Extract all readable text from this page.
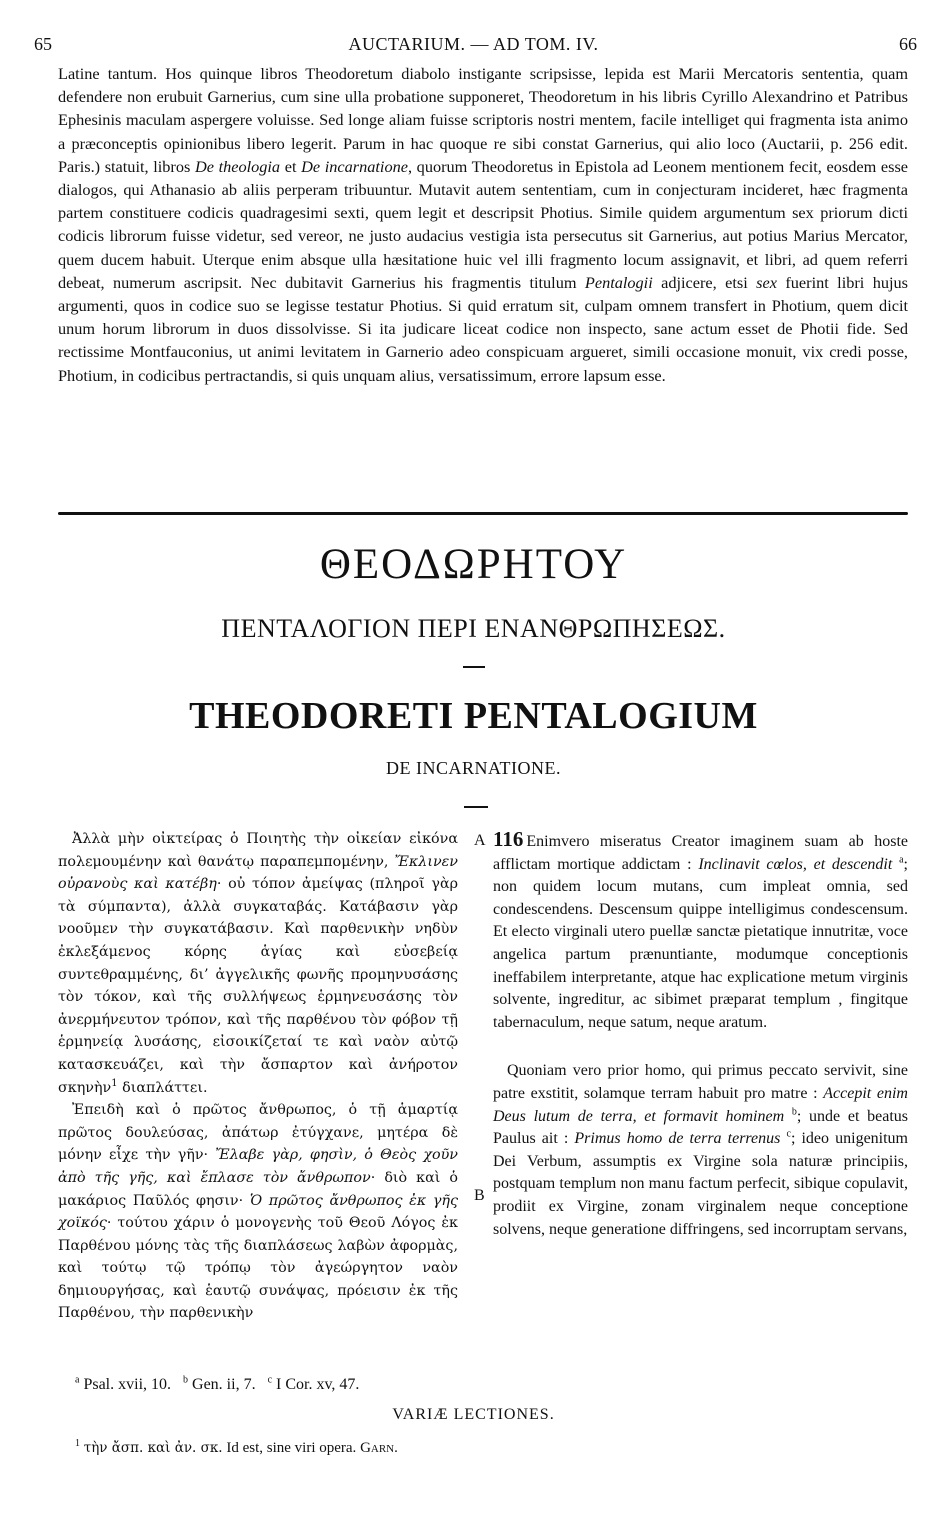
65	AUCTARIUM. — AD TOM. IV.	66

Latine tantum. Hos quinque libros Theodoretum diabolo instigante scripsisse, lepida est Marii Mercatoris sententia, quam defendere non erubuit Garnerius, cum sine ulla probatione supponeret, Theodoretum in his libris Cyrillo Alexandrino et Patribus Ephesinis maculam aspergere voluisse. Sed longe aliam fuisse scriptoris nostri mentem, facile intelliget qui fragmenta ista animo a præconceptis opinionibus libero legerit. Parum in hac quoque re sibi constat Garnerius, qui alio loco (Auctarii, p. 256 edit. Paris.) statuit, libros De theologia et De incarnatione, quorum Theodoretus in Epistola ad Leonem mentionem fecit, eosdem esse dialogos, qui Athanasio ab aliis perperam tribuuntur. Mutavit autem sententiam, cum in conjecturam incideret, hæc fragmenta partem constituere codicis quadragesimi sexti, quem legit et descripsit Photius. Simile quidem argumentum sex priorum dicti codicis librorum fuisse videtur, sed vereor, ne justo audacius vestigia ista persecutus sit Garnerius, aut potius Marius Mercator, quem ducem habuit. Uterque enim absque ulla hæsitatione huic vel illi fragmento locum assignavit, et libri, ad quem referri debeat, numerum ascripsit. Nec dubitavit Garnerius his fragmentis titulum Pentalogii adjicere, etsi sex fuerint libri hujus argumenti, quos in codice suo se legisse testatur Photius. Si quid erratum sit, culpam omnem transfert in Photium, quem dicit unum horum librorum in duos dissolvisse. Si ita judicare liceat codice non inspecto, sane actum esset de Photii fide. Sed rectissime Montfauconius, ut animi levitatem in Garnerio adeo conspicuam argueret, simili occasione monuit, vix credi posse, Photium, in codicibus pertractandis, si quis unquam alius, versatissimum, errore lapsum esse.

ΘΕΟΔΩΡΗΤΟΥ
ΠΕΝΤΑΛΟΓΙΟΝ ΠΕΡΙ ΕΝΑΝΘΡΩΠΗΣΕΩΣ.
THEODORETI PENTALOGIUM
DE INCARNATIONE.

Ἀλλὰ μὴν οἰκτείρας ὁ Ποιητὴς τὴν οἰκείαν εἰκόνα πολεμουμένην καὶ θανάτῳ παραπεμπομένην, Ἔκλινεν οὐρανοὺς καὶ κατέβη· οὐ τόπον ἀμείψας (πληροῖ γὰρ τὰ σύμπαντα), ἀλλὰ συγκαταβάς. Κατάβασιν γὰρ νοοῦμεν τὴν συγκατάβασιν. Καὶ παρθενικὴν νηδὺν ἐκλεξάμενος κόρης ἁγίας καὶ εὐσεβείᾳ συντεθραμμένης, δι’ ἀγγελικῆς φωνῆς προμηνυσάσης τὸν τόκον, καὶ τῆς συλλήψεως ἑρμηνευσάσης τὸν ἀνερμήνευτον τρόπον, καὶ τῆς παρθένου τὸν φόβον τῇ ἑρμηνείᾳ λυσάσης, εἰσοικίζεταί τε καὶ ναὸν αὐτῷ κατασκευάζει, καὶ τὴν ἄσπαρτον καὶ ἀνήροτον σκηνὴν$^1$ διαπλάττει.

Ἐπειδὴ καὶ ὁ πρῶτος ἄνθρωπος, ὁ τῇ ἁμαρτίᾳ πρῶτος δουλεύσας, ἀπάτωρ ἐτύγχανε, μητέρα δὲ μόνην εἶχε τὴν γῆν· Ἔλαβε γὰρ, φησὶν, ὁ Θεὸς χοῦν ἀπὸ τῆς γῆς, καὶ ἔπλασε τὸν ἄνθρωπον· διὸ καὶ ὁ μακάριος Παῦλός φησιν· Ὁ πρῶτος ἄνθρωπος ἐκ γῆς χοϊκός· τούτου χάριν ὁ μονογενὴς τοῦ Θεοῦ Λόγος ἐκ Παρθένου μόνης τὰς τῆς διαπλάσεως λαβὼν ἀφορμὰς, καὶ τούτῳ τῷ τρόπῳ τὸν ἀγεώργητον ναὸν δημιουργήσας, καὶ ἑαυτῷ συνάψας, πρόεισιν ἐκ τῆς Παρθένου, τὴν παρθενικὴν

A
B

116 Enimvero miseratus Creator imaginem suam ab hoste afflictam mortique addictam : Inclinavit cœlos, et descendit $^a$; non quidem locum mutans, cum impleat omnia, sed condescendens. Descensum quippe intelligimus condescensum. Et electo virginali utero puellæ sanctæ pietatique innutritæ, voce angelica partum prænuntiante, modumque conceptionis ineffabilem interpretante, atque hac explicatione metum virginis solvente, ingreditur, ac sibimet præparat templum , fingitque tabernaculum, neque satum, neque aratum.

Quoniam vero prior homo, qui primus peccato servivit, sine patre exstitit, solamque terram habuit pro matre : Accepit enim Deus lutum de terra, et formavit hominem $^b$; unde et beatus Paulus ait : Primus homo de terra terrenus $^c$; ideo unigenitum Dei Verbum, assumptis ex Virgine sola naturæ principiis, postquam templum non manu factum perfecit, sibique copulavit, prodiit ex Virgine, zonam virginalem neque conceptione solvens, neque generatione diffringens, sed incorruptam servans,

$^a$ Psal. xvii, 10. $^b$ Gen. ii, 7. $^c$ I Cor. xv, 47.
VARIÆ LECTIONES.
$^1$ τὴν ἄσπ. καὶ ἀν. σκ. Id est, sine viri opera. Garn.
